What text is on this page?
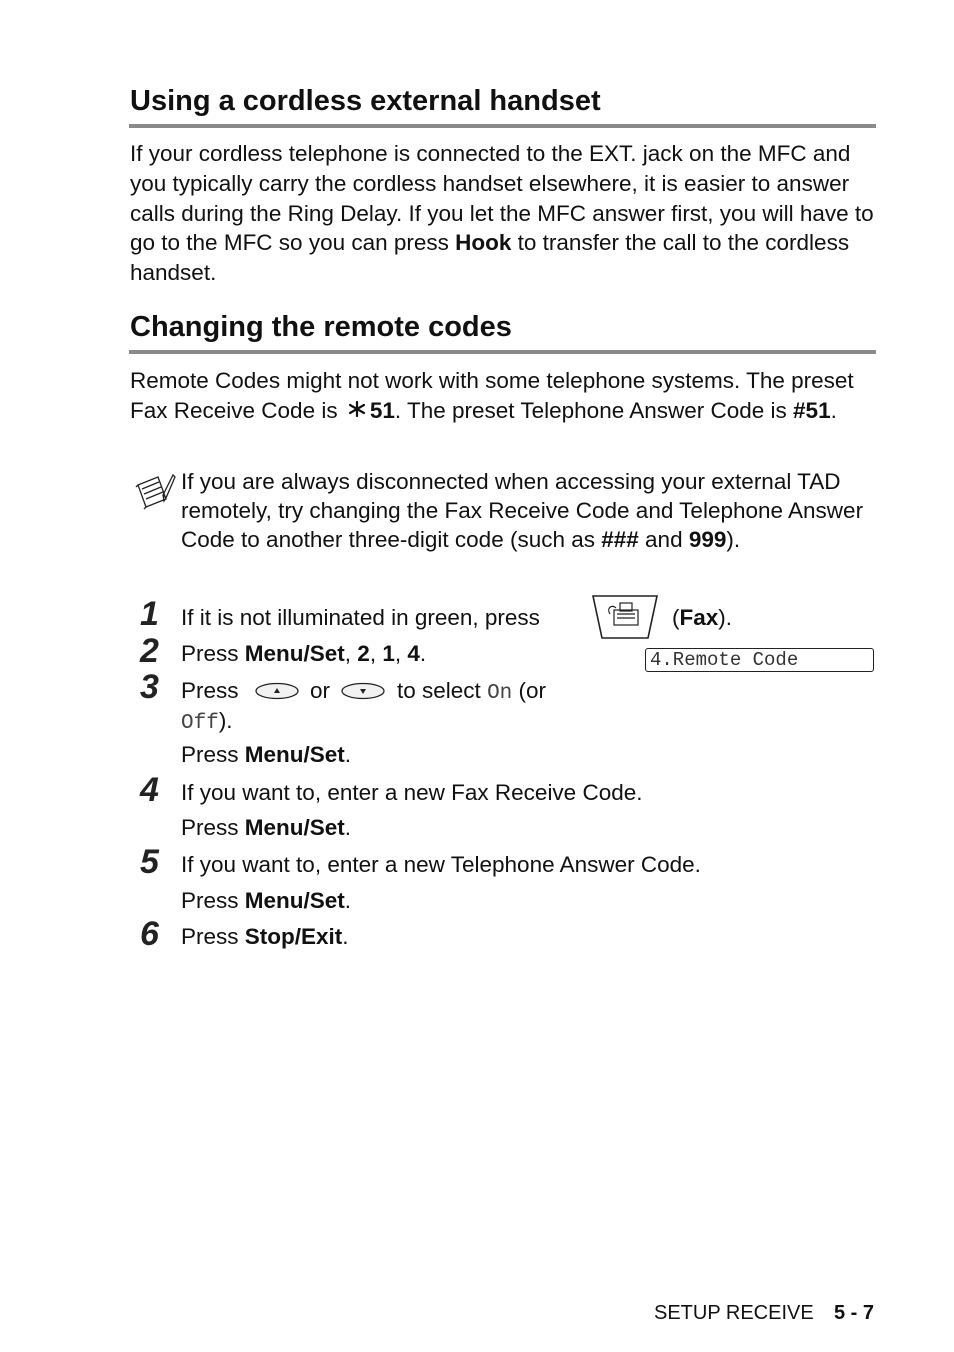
Using a cordless external handset

If your cordless telephone is connected to the EXT. jack on the MFC and you typically carry the cordless handset elsewhere, it is easier to answer calls during the Ring Delay. If you let the MFC answer first, you will have to go to the MFC so you can press Hook to transfer the call to the cordless handset.

Changing the remote codes

Remote Codes might not work with some telephone systems. The preset Fax Receive Code is 51. The preset Telephone Answer Code is #51.

If you are always disconnected when accessing your external TAD remotely, try changing the Fax Receive Code and Telephone Answer Code to another three-digit code (such as ### and 999).

1 If it is not illuminated in green, press	(Fax).
2 Press Menu/Set, 2, 1, 4.	4.Remote Code
3 Press	or	to select On (or
Off).
Press Menu/Set.
4 If you want to, enter a new Fax Receive Code.
Press Menu/Set.
5 If you want to, enter a new Telephone Answer Code.
Press Menu/Set.
6 Press Stop/Exit.
SETUP RECEIVE 5 - 7
